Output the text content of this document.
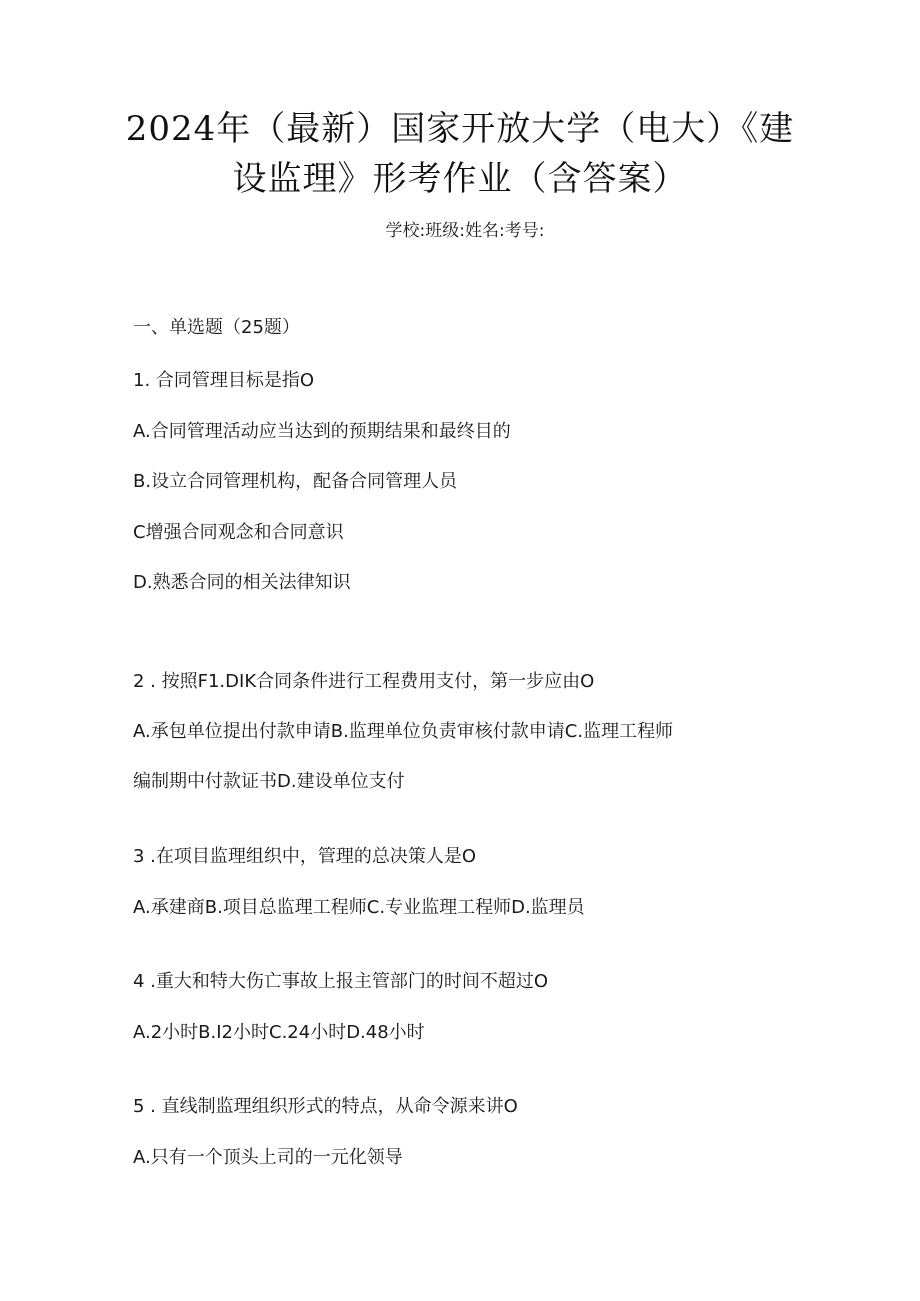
2024年（最新）国家开放大学（电大）《建
设监理》形考作业（含答案）
学校:班级:姓名:考号:
一、单选题（25题）
1. 合同管理目标是指O
A.合同管理活动应当达到的预期结果和最终目的
B.设立合同管理机构，配备合同管理人员
C增强合同观念和合同意识
D.熟悉合同的相关法律知识
2 . 按照F1.DIK合同条件进行工程费用支付，第一步应由O
A.承包单位提出付款申请B.监理单位负责审核付款申请C.监理工程师
编制期中付款证书D.建设单位支付
3 .在项目监理组织中，管理的总决策人是O
A.承建商B.项目总监理工程师C.专业监理工程师D.监理员
4 .重大和特大伤亡事故上报主管部门的时间不超过O
A.2小时B.I2小时C.24小时D.48小时
5 . 直线制监理组织形式的特点，从命令源来讲O
A.只有一个顶头上司的一元化领导
